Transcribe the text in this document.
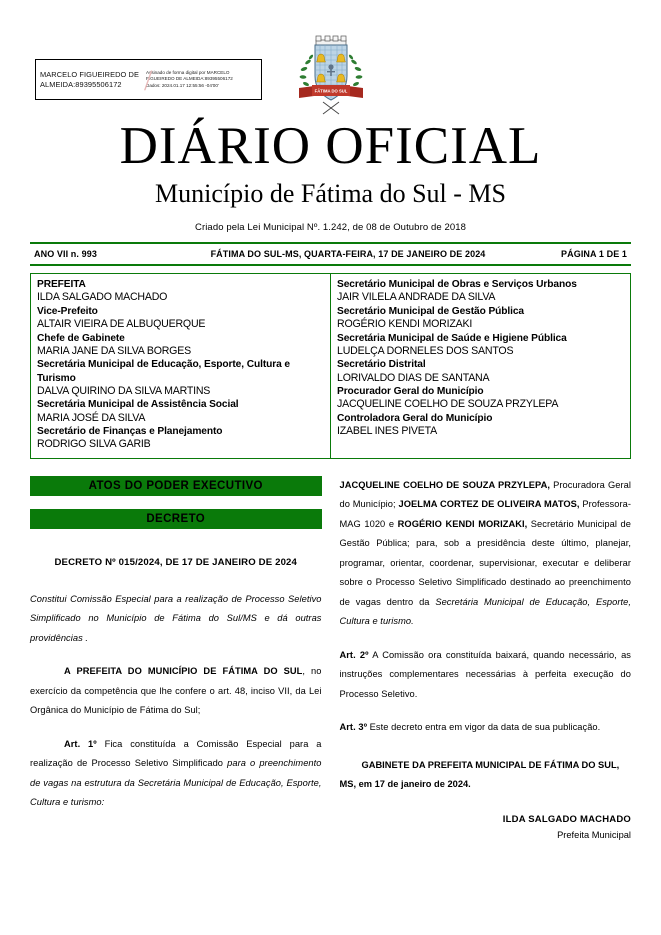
MARCELO FIGUEIREDO DE
ALMEIDA:89395506172 /
Assinado de forma digital por MARCELO
FIGUEIREDO DE ALMEIDA:89395506172
Dados: 2024.01.17 12:55:56 -04'00'
FÁTIMA DO SUL
DIÁRIO OFICIAL
Município de Fátima do Sul - MS
Criado pela Lei Municipal Nº. 1.242, de 08 de Outubro de 2018
ANO VII n. 993	FÁTIMA DO SUL-MS, QUARTA-FEIRA, 17 DE JANEIRO DE 2024	PÁGINA 1 DE 1
PREFEITA
ILDA SALGADO MACHADO
Vice-Prefeito
ALTAIR VIEIRA DE ALBUQUERQUE
Chefe de Gabinete
MARIA JANE DA SILVA BORGES
Secretária Municipal de Educação, Esporte, Cultura e Turismo
DALVA QUIRINO DA SILVA MARTINS
Secretária Municipal de Assistência Social
MARIA JOSÉ DA SILVA
Secretário de Finanças e Planejamento
RODRIGO SILVA GARIB
Secretário Municipal de Obras e Serviços Urbanos
JAIR VILELA ANDRADE DA SILVA
Secretário Municipal de Gestão Pública
ROGÉRIO KENDI MORIZAKI
Secretária Municipal de Saúde e Higiene Pública
LUDELÇA DORNELES DOS SANTOS
Secretário Distrital
LORIVALDO DIAS DE SANTANA
Procurador Geral do Município
JACQUELINE COELHO DE SOUZA PRZYLEPA
Controladora Geral do Município
IZABEL INES PIVETA
ATOS DO PODER EXECUTIVO
DECRETO
DECRETO Nº 015/2024, DE 17 DE JANEIRO DE 2024

Constitui Comissão Especial para a realização de Processo Seletivo Simplificado no Município de Fátima do Sul/MS e dá outras providências .

A PREFEITA DO MUNICÍPIO DE FÁTIMA DO SUL, no exercício da competência que lhe confere o art. 48, inciso VII, da Lei Orgânica do Município de Fátima do Sul;

Art. 1º Fica constituída a Comissão Especial para a realização de Processo Seletivo Simplificado para o preenchimento de vagas na estrutura da Secretária Municipal de Educação, Esporte, Cultura e turismo:

JACQUELINE COELHO DE SOUZA PRZYLEPA, Procuradora Geral do Município; JOELMA CORTEZ DE OLIVEIRA MATOS, Professora- MAG 1020 e ROGÉRIO KENDI MORIZAKI, Secretário Municipal de Gestão Pública; para, sob a presidência deste último, planejar, programar, orientar, coordenar, supervisionar, executar e deliberar sobre o Processo Seletivo Simplificado destinado ao preenchimento de vagas dentro da Secretária Municipal de Educação, Esporte, Cultura e turismo.

Art. 2º A Comissão ora constituída baixará, quando necessário, as instruções complementares necessárias à perfeita execução do Processo Seletivo.

Art. 3º Este decreto entra em vigor da data de sua publicação.

GABINETE DA PREFEITA MUNICIPAL DE FÁTIMA DO SUL, MS, em 17 de janeiro de 2024.
ILDA SALGADO MACHADO
Prefeita Municipal
